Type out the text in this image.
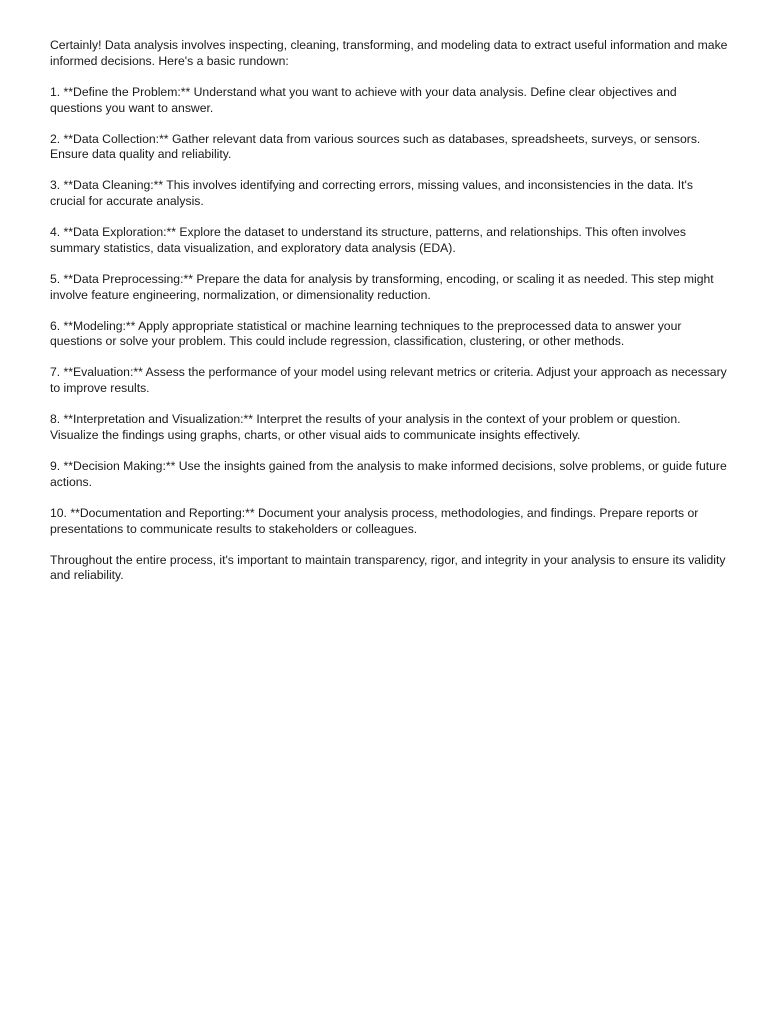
Certainly! Data analysis involves inspecting, cleaning, transforming, and modeling data to extract useful information and make informed decisions. Here's a basic rundown:

1. **Define the Problem:** Understand what you want to achieve with your data analysis. Define clear objectives and questions you want to answer.

2. **Data Collection:** Gather relevant data from various sources such as databases, spreadsheets, surveys, or sensors. Ensure data quality and reliability.

3. **Data Cleaning:** This involves identifying and correcting errors, missing values, and inconsistencies in the data. It's crucial for accurate analysis.

4. **Data Exploration:** Explore the dataset to understand its structure, patterns, and relationships. This often involves summary statistics, data visualization, and exploratory data analysis (EDA).

5. **Data Preprocessing:** Prepare the data for analysis by transforming, encoding, or scaling it as needed. This step might involve feature engineering, normalization, or dimensionality reduction.

6. **Modeling:** Apply appropriate statistical or machine learning techniques to the preprocessed data to answer your questions or solve your problem. This could include regression, classification, clustering, or other methods.

7. **Evaluation:** Assess the performance of your model using relevant metrics or criteria. Adjust your approach as necessary to improve results.

8. **Interpretation and Visualization:** Interpret the results of your analysis in the context of your problem or question. Visualize the findings using graphs, charts, or other visual aids to communicate insights effectively.

9. **Decision Making:** Use the insights gained from the analysis to make informed decisions, solve problems, or guide future actions.

10. **Documentation and Reporting:** Document your analysis process, methodologies, and findings. Prepare reports or presentations to communicate results to stakeholders or colleagues.

Throughout the entire process, it's important to maintain transparency, rigor, and integrity in your analysis to ensure its validity and reliability.
